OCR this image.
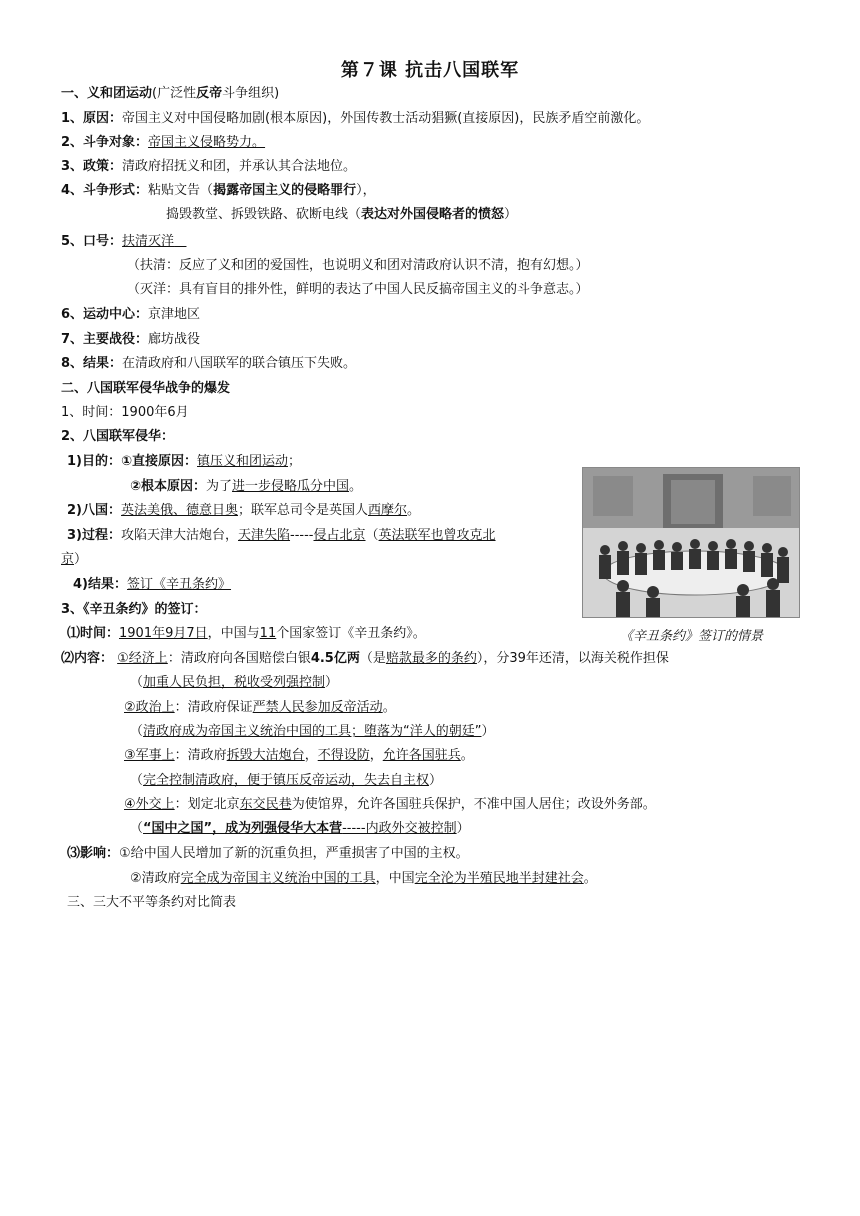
第７课 抗击八国联军
一、义和团运动(广泛性反帝斗争组织)
1、原因：帝国主义对中国侵略加剧(根本原因)，外国传教士活动猖獗(直接原因)，民族矛盾空前激化。
2、斗争对象：帝国主义侵略势力。
3、政策：清政府招抚义和团，并承认其合法地位。
4、斗争形式：粘贴文告（揭露帝国主义的侵略罪行），
捣毁教堂、拆毁铁路、砍断电线（表达对外国侵略者的愤怒）
5、口号：扶清灭洋
（扶清：反应了义和团的爱国性，也说明义和团对清政府认识不清，抱有幻想。）
（灭洋：具有盲目的排外性，鲜明的表达了中国人民反搞帝国主义的斗争意志。）
6、运动中心：京津地区
7、主要战役：廊坊战役
8、结果：在清政府和八国联军的联合镇压下失败。
二、八国联军侵华战争的爆发
1、时间：1900年6月
2、八国联军侵华：
1)目的：①直接原因：镇压义和团运动；
②根本原因：为了进一步侵略瓜分中国。
2)八国：英法美俄、德意日奥；联军总司令是英国人西摩尔。
3)过程：攻陷天津大沽炮台，天津失陷-----侵占北京（英法联军也曾攻克北
京）
4)结果：签订《辛丑条约》
3、《辛丑条约》的签订：
⑴时间：1901年9月7日，中国与11个国家签订《辛丑条约》。	《辛丑条约》签订的情景
⑵内容： ①经济上：清政府向各国赔偿白银4.5亿两（是赔款最多的条约），分39年还清，以海关税作担保
（加重人民负担，税收受列强控制）
②政治上：清政府保证严禁人民参加反帝活动。
（清政府成为帝国主义统治中国的工具；堕落为“洋人的朝廷”）
③军事上：清政府拆毁大沽炮台，不得设防，允许各国驻兵。
（完全控制清政府，便于镇压反帝运动，失去自主权）
④外交上：划定北京东交民巷为使馆界，允许各国驻兵保护，不准中国人居住；改设外务部。
（“国中之国”，成为列强侵华大本营-----内政外交被控制）
⑶影响：①给中国人民增加了新的沉重负担，严重损害了中国的主权。
②清政府完全成为帝国主义统治中国的工具，中国完全沦为半殖民地半封建社会。
三、三大不平等条约对比简表
